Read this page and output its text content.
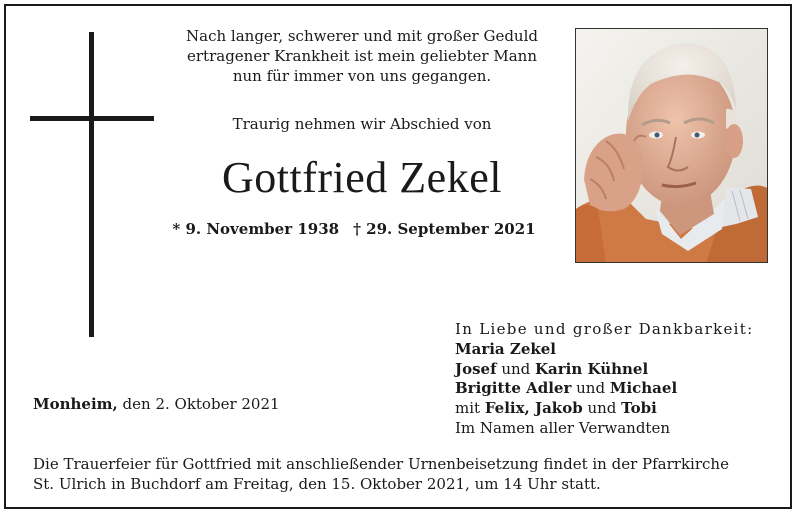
Nach langer, schwerer und mit großer Geduld
ertragener Krankheit ist mein geliebter Mann
nun für immer von uns gegangen.

Traurig nehmen wir Abschied von

Gottfried Zekel

* 9. November 1938 † 29. September 2021

In Liebe und großer Dankbarkeit:
Maria Zekel
Josef und Karin Kühnel
Brigitte Adler und Michael
mit Felix, Jakob und Tobi
Im Namen aller Verwandten

Monheim, den 2. Oktober 2021

Die Trauerfeier für Gottfried mit anschließender Urnenbeisetzung findet in der Pfarrkirche
St. Ulrich in Buchdorf am Freitag, den 15. Oktober 2021, um 14 Uhr statt.
